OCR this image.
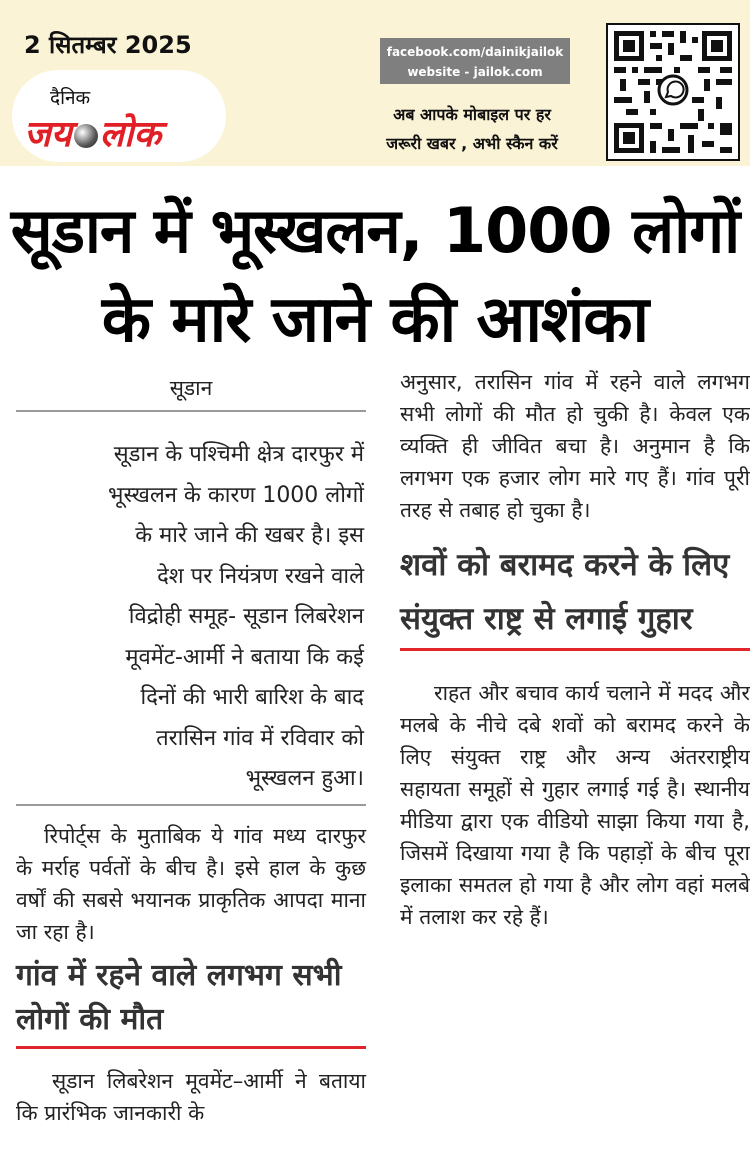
2 सितम्बर 2025
दैनिक
जय लोक
facebook.com/dainikjailok
website - jailok.com
अब आपके मोबाइल पर हर
जरूरी खबर , अभी स्कैन करें
सूडान में भूस्खलन, 1000 लोगों
के मारे जाने की आशंका
सूडान
सूडान के पश्चिमी क्षेत्र दारफुर में
भूस्खलन के कारण 1000 लोगों
के मारे जाने की खबर है। इस
देश पर नियंत्रण रखने वाले
विद्रोही समूह- सूडान लिबरेशन
मूवमेंट-आर्मी ने बताया कि कई
दिनों की भारी बारिश के बाद
तरासिन गांव में रविवार को
भूस्खलन हुआ।
रिपोर्ट्स के मुताबिक ये गांव मध्य दारफुर के मर्राह पर्वतों के बीच है। इसे हाल के कुछ वर्षों की सबसे भयानक प्राकृतिक आपदा माना जा रहा है।
गांव में रहने वाले लगभग सभी लोगों की मौत
सूडान लिबरेशन मूवमेंट–आर्मी ने बताया कि प्रारंभिक जानकारी के
अनुसार, तरासिन गांव में रहने वाले लगभग सभी लोगों की मौत हो चुकी है। केवल एक व्यक्ति ही जीवित बचा है। अनुमान है कि लगभग एक हजार लोग मारे गए हैं। गांव पूरी तरह से तबाह हो चुका है।
शवों को बरामद करने के लिए संयुक्त राष्ट्र से लगाई गुहार
राहत और बचाव कार्य चलाने में मदद और मलबे के नीचे दबे शवों को बरामद करने के लिए संयुक्त राष्ट्र और अन्य अंतरराष्ट्रीय सहायता समूहों से गुहार लगाई गई है। स्थानीय मीडिया द्वारा एक वीडियो साझा किया गया है, जिसमें दिखाया गया है कि पहाड़ों के बीच पूरा इलाका समतल हो गया है और लोग वहां मलबे में तलाश कर रहे हैं।
